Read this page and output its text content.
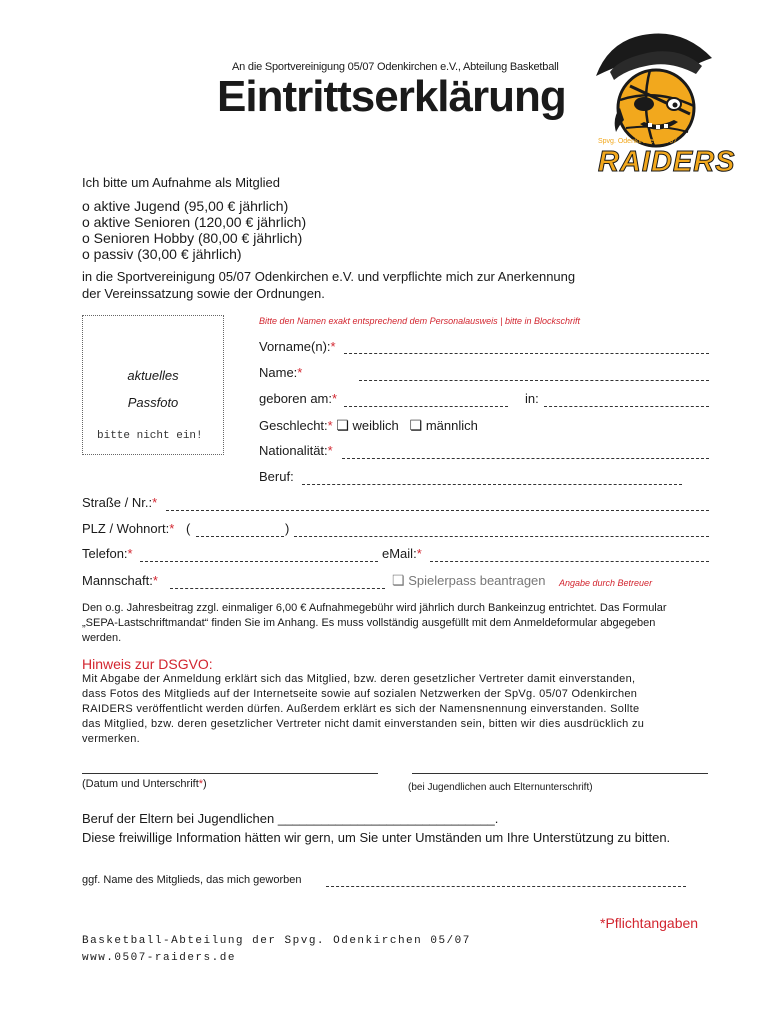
An die Sportvereinigung 05/07 Odenkirchen e.V., Abteilung Basketball
Eintrittserklärung
Spvg. Odenkirchen 05/07
RAIDERS
Ich bitte um Aufnahme als Mitglied
o aktive Jugend (95,00 € jährlich)
o aktive Senioren (120,00 € jährlich)
o Senioren Hobby (80,00 € jährlich)
o passiv (30,00 € jährlich)
in die Sportvereinigung 05/07 Odenkirchen e.V. und verpflichte mich zur Anerkennung
der Vereinssatzung sowie der Ordnungen.
aktuelles
Passfoto
bitte nicht ein!
Bitte den Namen exakt entsprechend dem Personalausweis | bitte in Blockschrift
Vorname(n):*
Name:*
geboren am:*	in:
Geschlecht:* ❏ weiblich ❏ männlich
Nationalität:*
Beruf:
Straße / Nr.:*
PLZ / Wohnort:* (	)
Telefon:*	eMail:*
Mannschaft:*	❏ Spielerpass beantragen Angabe durch Betreuer
Den o.g. Jahresbeitrag zzgl. einmaliger 6,00 € Aufnahmegebühr wird jährlich durch Bankeinzug entrichtet. Das Formular
„SEPA-Lastschriftmandat“ finden Sie im Anhang. Es muss vollständig ausgefüllt mit dem Anmeldeformular abgegeben
werden.
Hinweis zur DSGVO:
Mit Abgabe der Anmeldung erklärt sich das Mitglied, bzw. deren gesetzlicher Vertreter damit einverstanden,
dass Fotos des Mitglieds auf der Internetseite sowie auf sozialen Netzwerken der SpVg. 05/07 Odenkirchen
RAIDERS veröffentlicht werden dürfen. Außerdem erklärt es sich der Namensnennung einverstanden. Sollte
das Mitglied, bzw. deren gesetzlicher Vertreter nicht damit einverstanden sein, bitten wir dies ausdrücklich zu
vermerken.
(Datum und Unterschrift*)	(bei Jugendlichen auch Elternunterschrift)
Beruf der Eltern bei Jugendlichen ______________________________.
Diese freiwillige Information hätten wir gern, um Sie unter Umständen um Ihre Unterstützung zu bitten.
ggf. Name des Mitglieds, das mich geworben
*Pflichtangaben
Basketball-Abteilung der Spvg. Odenkirchen 05/07
www.0507-raiders.de
